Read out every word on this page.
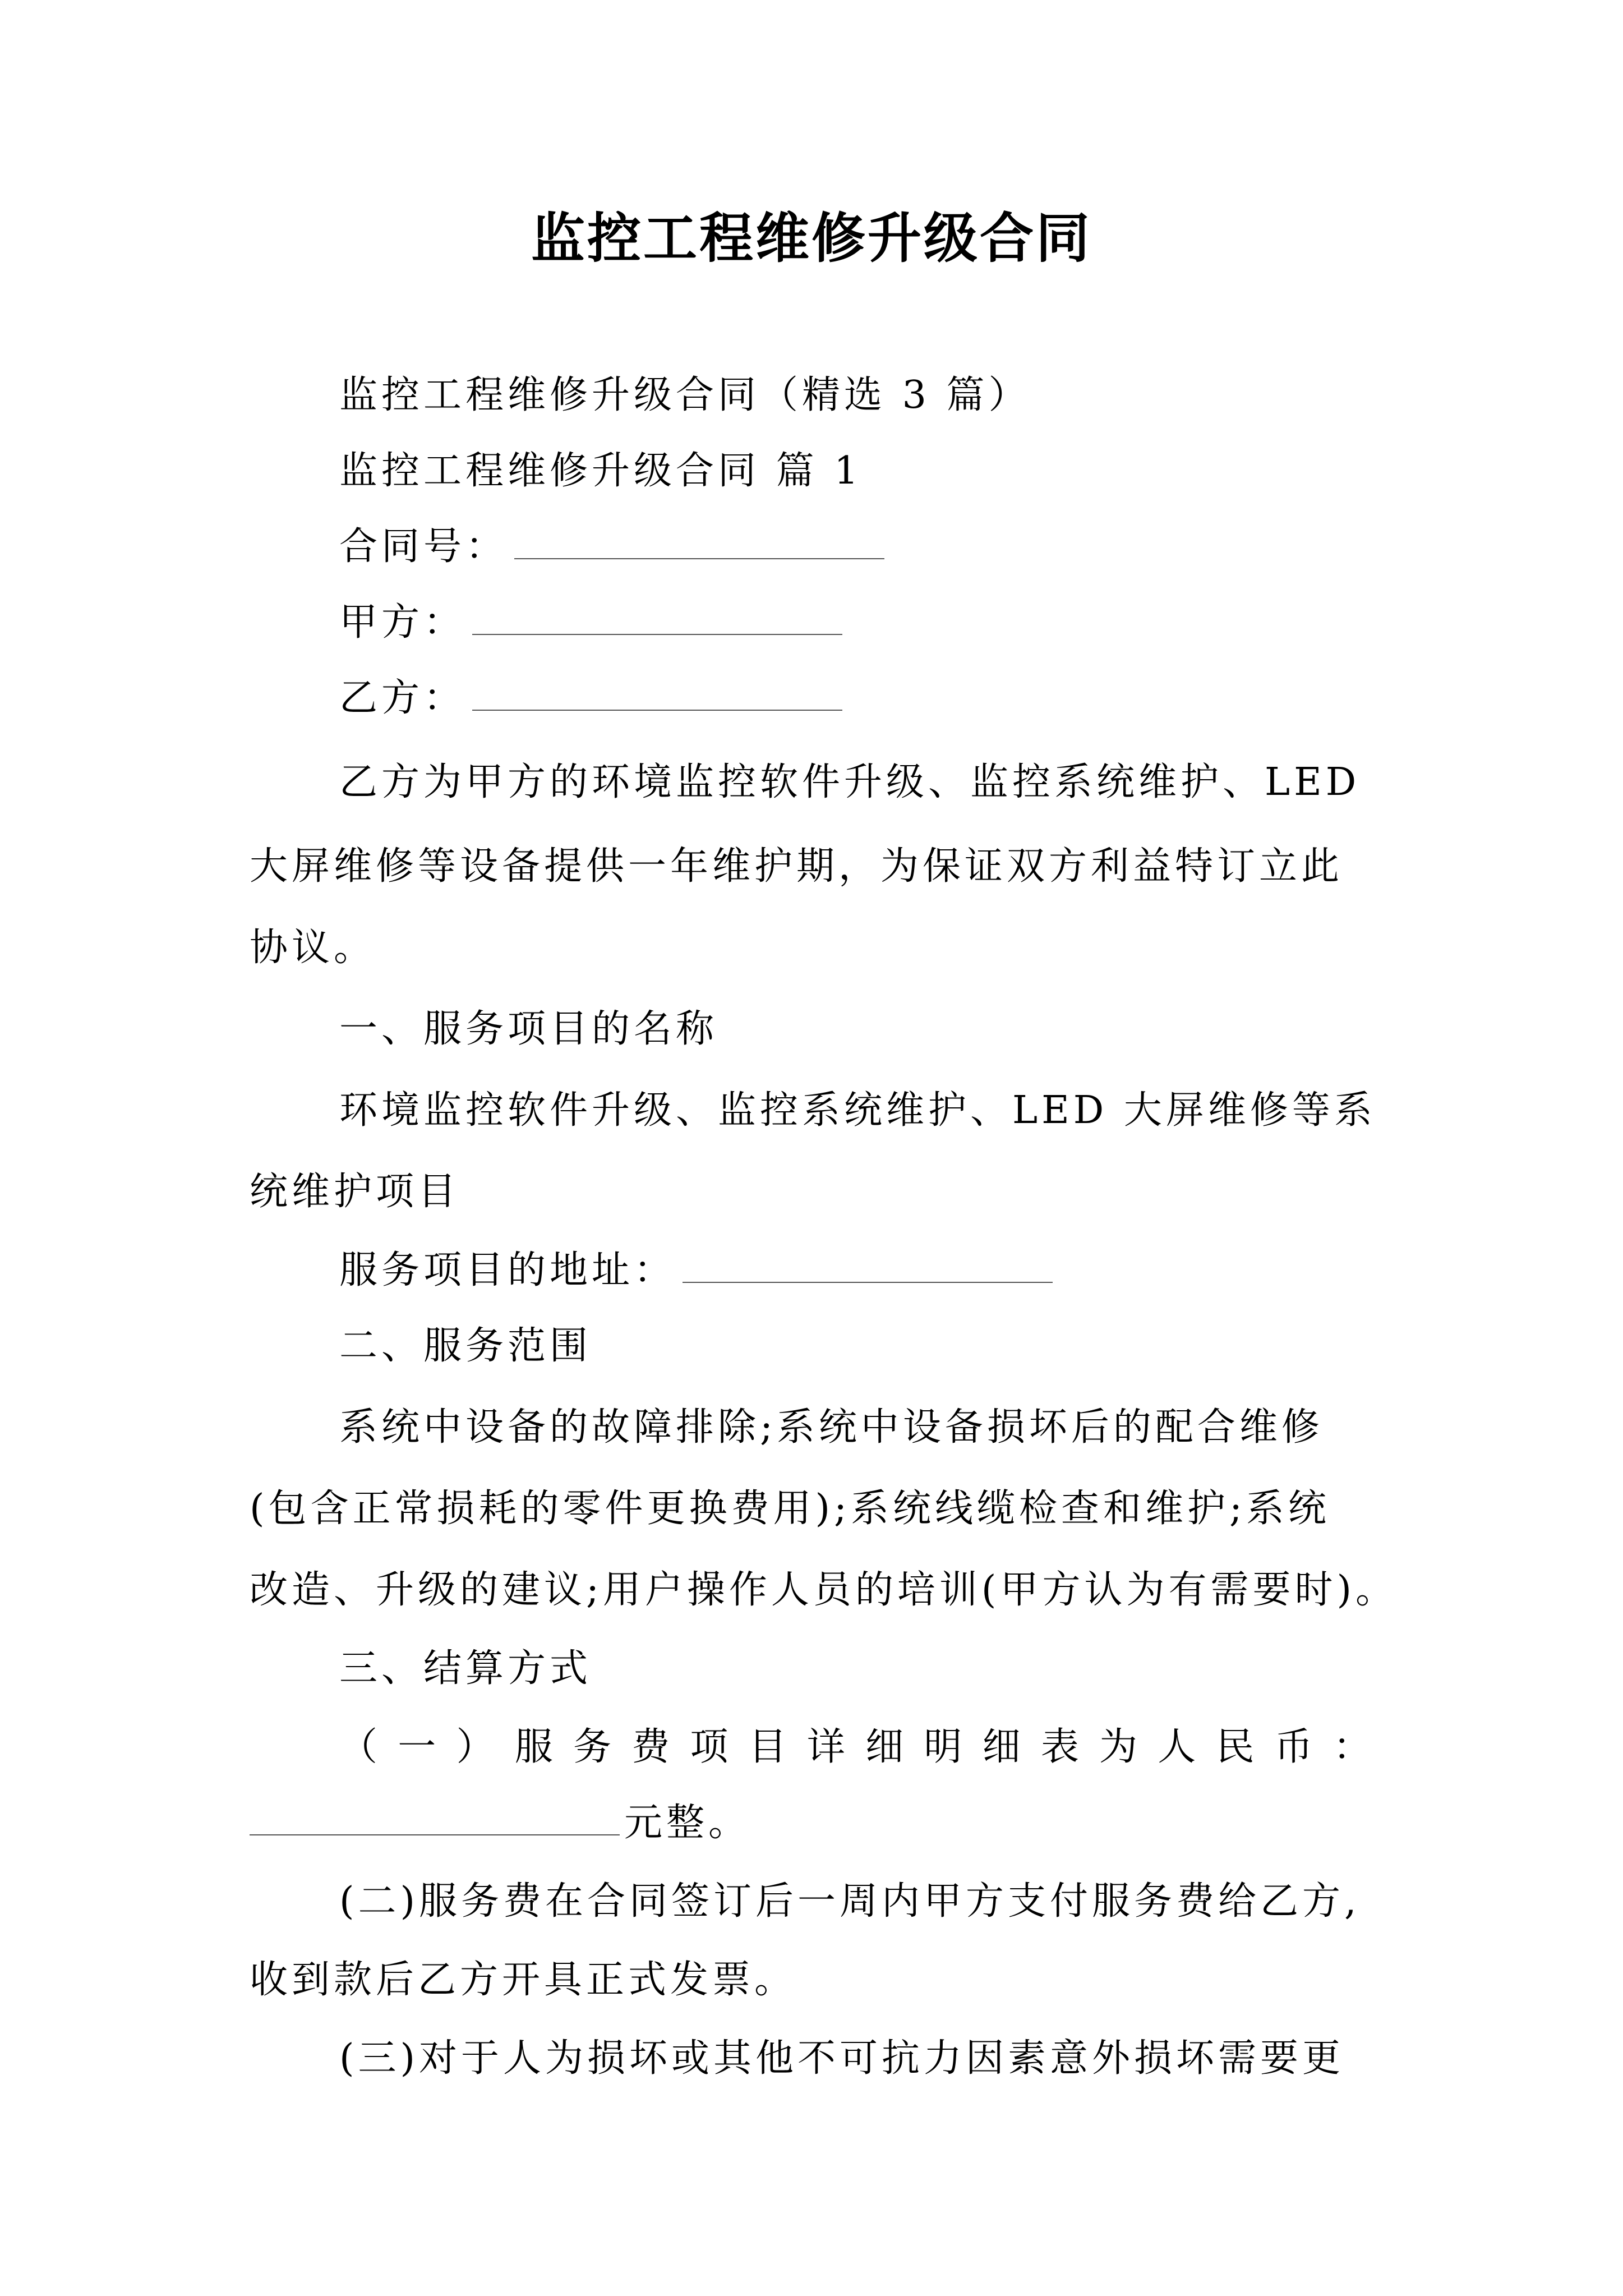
监控工程维修升级合同
监控工程维修升级合同（精选 3 篇）
监控工程维修升级合同 篇 1
合同号：
甲方：
乙方：
乙方为甲方的环境监控软件升级、监控系统维护、LED
大屏维修等设备提供一年维护期，为保证双方利益特订立此
协议。
一、服务项目的名称
环境监控软件升级、监控系统维护、LED 大屏维修等系
统维护项目
服务项目的地址：
二、服务范围
系统中设备的故障排除;系统中设备损坏后的配合维修
(包含正常损耗的零件更换费用);系统线缆检查和维护;系统
改造、升级的建议;用户操作人员的培训(甲方认为有需要时)。
三、结算方式
（ 一 ） 服 务 费 项 目 详 细 明 细 表 为 人 民 币 ：
元整。
(二)服务费在合同签订后一周内甲方支付服务费给乙方,
收到款后乙方开具正式发票。
(三)对于人为损坏或其他不可抗力因素意外损坏需要更
